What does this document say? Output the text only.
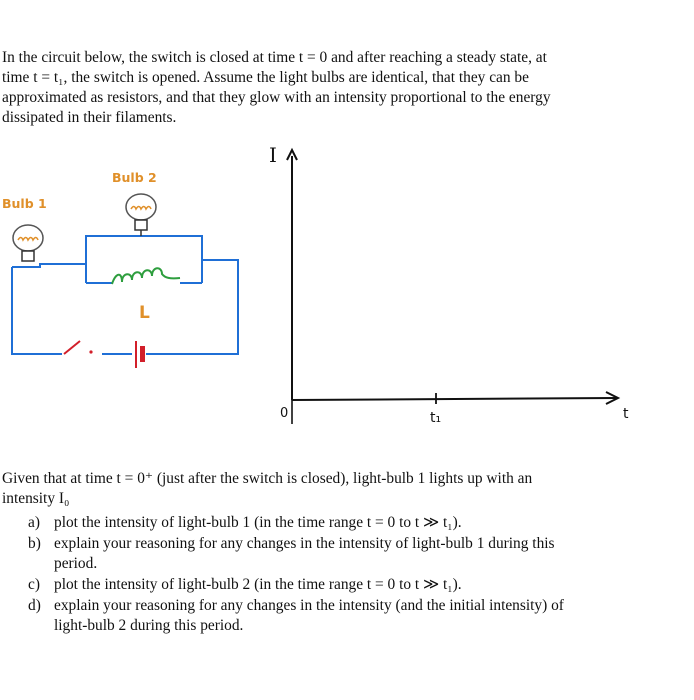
In the circuit below, the switch is closed at time t = 0 and after reaching a steady state, at
time t = t₁, the switch is opened. Assume the light bulbs are identical, that they can be
approximated as resistors, and that they glow with an intensity proportional to the energy
dissipated in their filaments.
L
Bulb 2
Bulb 1
I
t
0	t₁
Given that at time t = 0⁺ (just after the switch is closed), light-bulb 1 lights up with an
intensity I₀
a) plot the intensity of light-bulb 1 (in the time range t = 0 to t ≫ t₁).
b) explain your reasoning for any changes in the intensity of light-bulb 1 during this
period.
c) plot the intensity of light-bulb 2 (in the time range t = 0 to t ≫ t₁).
d) explain your reasoning for any changes in the intensity (and the initial intensity) of
light-bulb 2 during this period.
